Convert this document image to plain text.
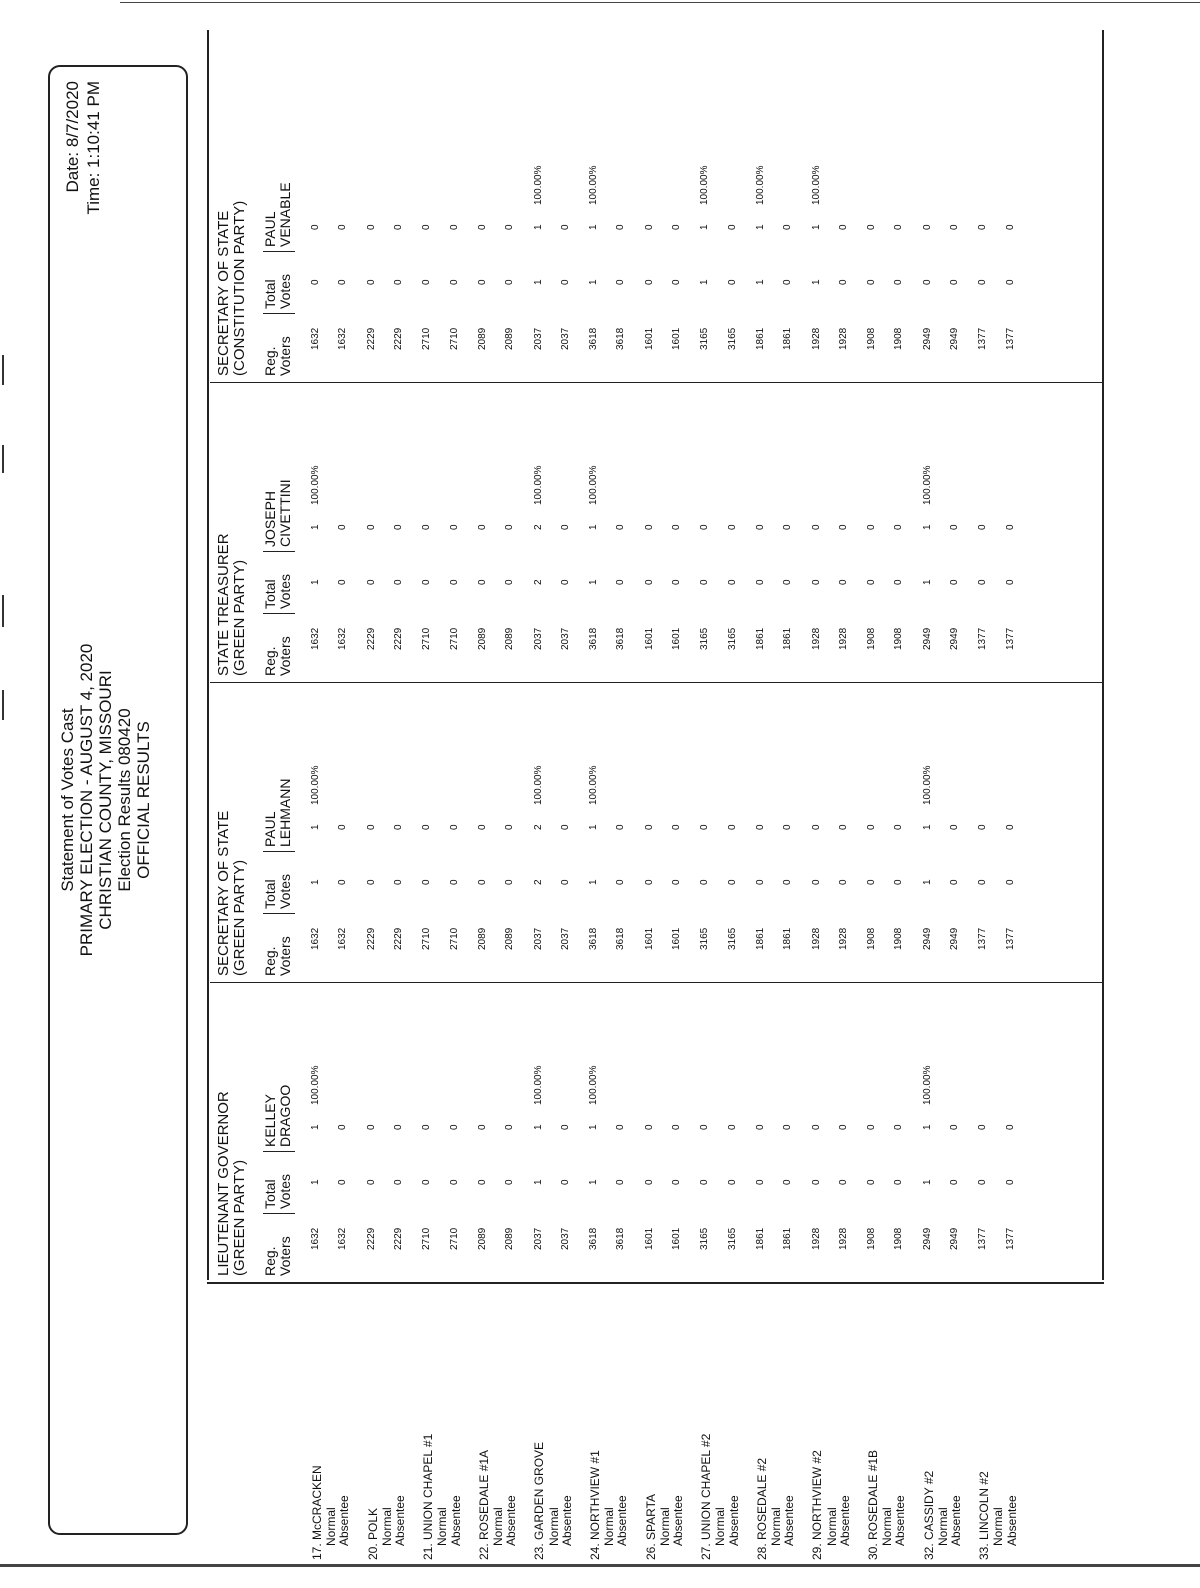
Statement of Votes Cast PRIMARY ELECTION - AUGUST 4, 2020 CHRISTIAN COUNTY, MISSOURI Election Results 080420 OFFICIAL RESULTS
Date: 8/7/2020 Time: 1:10:41 PM
LIEUTENANT GOVERNOR (GREEN PARTY) Reg. Voters
Total Votes
KELLEY DRAGOO
SECRETARY OF STATE (GREEN PARTY) Reg. Voters
Total Votes
PAUL LEHMANN
STATE TREASURER (GREEN PARTY) Reg. Voters
Total Votes
JOSEPH CIVETTINI
SECRETARY OF STATE (CONSTITUTION PARTY) Reg. Voters
Total Votes
PAUL VENABLE
17. McCRACKEN Normal
1632
1
1
100.00%
1632
1
1
100.00%
1632
1
1
100.00%
1632
0
0
Absentee
1632
0
0
1632
0
0
1632
0
0
1632
0
0
20. POLK Normal
2229
0
0
2229
0
0
2229
0
0
2229
0
0
Absentee
2229
0
0
2229
0
0
2229
0
0
2229
0
0
21. UNION CHAPEL #1 Normal
2710
0
0
2710
0
0
2710
0
0
2710
0
0
Absentee
2710
0
0
2710
0
0
2710
0
0
2710
0
0
22. ROSEDALE #1A Normal
2089
0
0
2089
0
0
2089
0
0
2089
0
0
Absentee
2089
0
0
2089
0
0
2089
0
0
2089
0
0
23. GARDEN GROVE Normal
2037
1
1
100.00%
2037
2
2
100.00%
2037
2
2
100.00%
2037
1
1
100.00%
Absentee
2037
0
0
2037
0
0
2037
0
0
2037
0
0
24. NORTHVIEW #1 Normal
3618
1
1
100.00%
3618
1
1
100.00%
3618
1
1
100.00%
3618
1
1
100.00%
Absentee
3618
0
0
3618
0
0
3618
0
0
3618
0
0
26. SPARTA Normal
1601
0
0
1601
0
0
1601
0
0
1601
0
0
Absentee
1601
0
0
1601
0
0
1601
0
0
1601
0
0
27. UNION CHAPEL #2 Normal
3165
0
0
3165
0
0
3165
0
0
3165
1
1
100.00%
Absentee
3165
0
0
3165
0
0
3165
0
0
3165
0
0
28. ROSEDALE #2 Normal
1861
0
0
1861
0
0
1861
0
0
1861
1
1
100.00%
Absentee
1861
0
0
1861
0
0
1861
0
0
1861
0
0
29. NORTHVIEW #2 Normal
1928
0
0
1928
0
0
1928
0
0
1928
1
1
100.00%
Absentee
1928
0
0
1928
0
0
1928
0
0
1928
0
0
30. ROSEDALE #1B Normal
1908
0
0
1908
0
0
1908
0
0
1908
0
0
Absentee
1908
0
0
1908
0
0
1908
0
0
1908
0
0
32. CASSIDY #2 Normal
2949
1
1
100.00%
2949
1
1
100.00%
2949
1
1
100.00%
2949
0
0
Absentee
2949
0
0
2949
0
0
2949
0
0
2949
0
0
33. LINCOLN #2 Normal
1377
0
0
1377
0
0
1377
0
0
1377
0
0
Absentee
1377
0
0
1377
0
0
1377
0
0
1377
0
0
